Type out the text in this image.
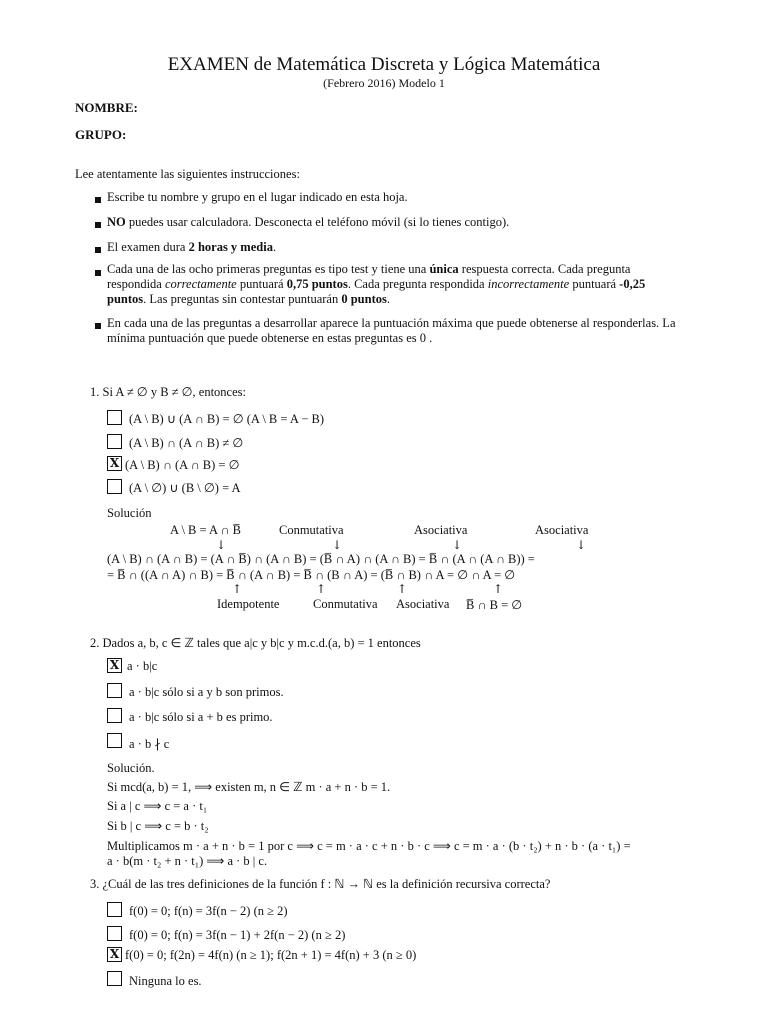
EXAMEN de Matemática Discreta y Lógica Matemática
(Febrero 2016) Modelo 1
NOMBRE:
GRUPO:
Lee atentamente las siguientes instrucciones:
Escribe tu nombre y grupo en el lugar indicado en esta hoja.
NO puedes usar calculadora. Desconecta el teléfono móvil (si lo tienes contigo).
El examen dura 2 horas y media.
Cada una de las ocho primeras preguntas es tipo test y tiene una única respuesta correcta. Cada pregunta respondida correctamente puntuará 0,75 puntos. Cada pregunta respondida incorrectamente puntuará -0,25 puntos. Las preguntas sin contestar puntuarán 0 puntos.
En cada una de las preguntas a desarrollar aparece la puntuación máxima que puede obtenerse al responderlas. La mínima puntuación que puede obtenerse en estas preguntas es 0 .
1. Si A ≠ ∅ y B ≠ ∅, entonces:
(A \ B) ∪ (A ∩ B) = ∅ (A \ B = A − B)
(A \ B) ∩ (A ∩ B) ≠ ∅
X (A \ B) ∩ (A ∩ B) = ∅
(A \ ∅) ∪ (B \ ∅) = A
Solución
A \ B = A ∩ B̅	Conmutativa	Asociativa	Asociativa
↓	↓	↓	↓
(A \ B) ∩ (A ∩ B) = (A ∩ B̅) ∩ (A ∩ B) = (B̅ ∩ A) ∩ (A ∩ B) = B̅ ∩ (A ∩ (A ∩ B)) =
= B̅ ∩ ((A ∩ A) ∩ B) = B̅ ∩ (A ∩ B) = B̅ ∩ (B ∩ A) = (B̅ ∩ B) ∩ A = ∅ ∩ A = ∅
↑	↑	↑	↑
Idempotente	Conmutativa Asociativa B̅ ∩ B = ∅
2. Dados a, b, c ∈ ℤ tales que a|c y b|c y m.c.d.(a, b) = 1 entonces
X a · b|c
a · b|c sólo si a y b son primos.
a · b|c sólo si a + b es primo.
a · b ∤ c
Solución.
Si mcd(a, b) = 1, ⟹ existen m, n ∈ ℤ m · a + n · b = 1.
Si a | c ⟹ c = a · t₁
Si b | c ⟹ c = b · t₂
Multiplicamos m · a + n · b = 1 por c ⟹ c = m · a · c + n · b · c ⟹ c = m · a · (b · t₂) + n · b · (a · t₁) =
a · b(m · t₂ + n · t₁) ⟹ a · b | c.
3. ¿Cuál de las tres definiciones de la función f : ℕ → ℕ es la definición recursiva correcta?
f(0) = 0; f(n) = 3f(n − 2) (n ≥ 2)
f(0) = 0; f(n) = 3f(n − 1) + 2f(n − 2) (n ≥ 2)
X f(0) = 0; f(2n) = 4f(n) (n ≥ 1); f(2n + 1) = 4f(n) + 3 (n ≥ 0)
Ninguna lo es.
